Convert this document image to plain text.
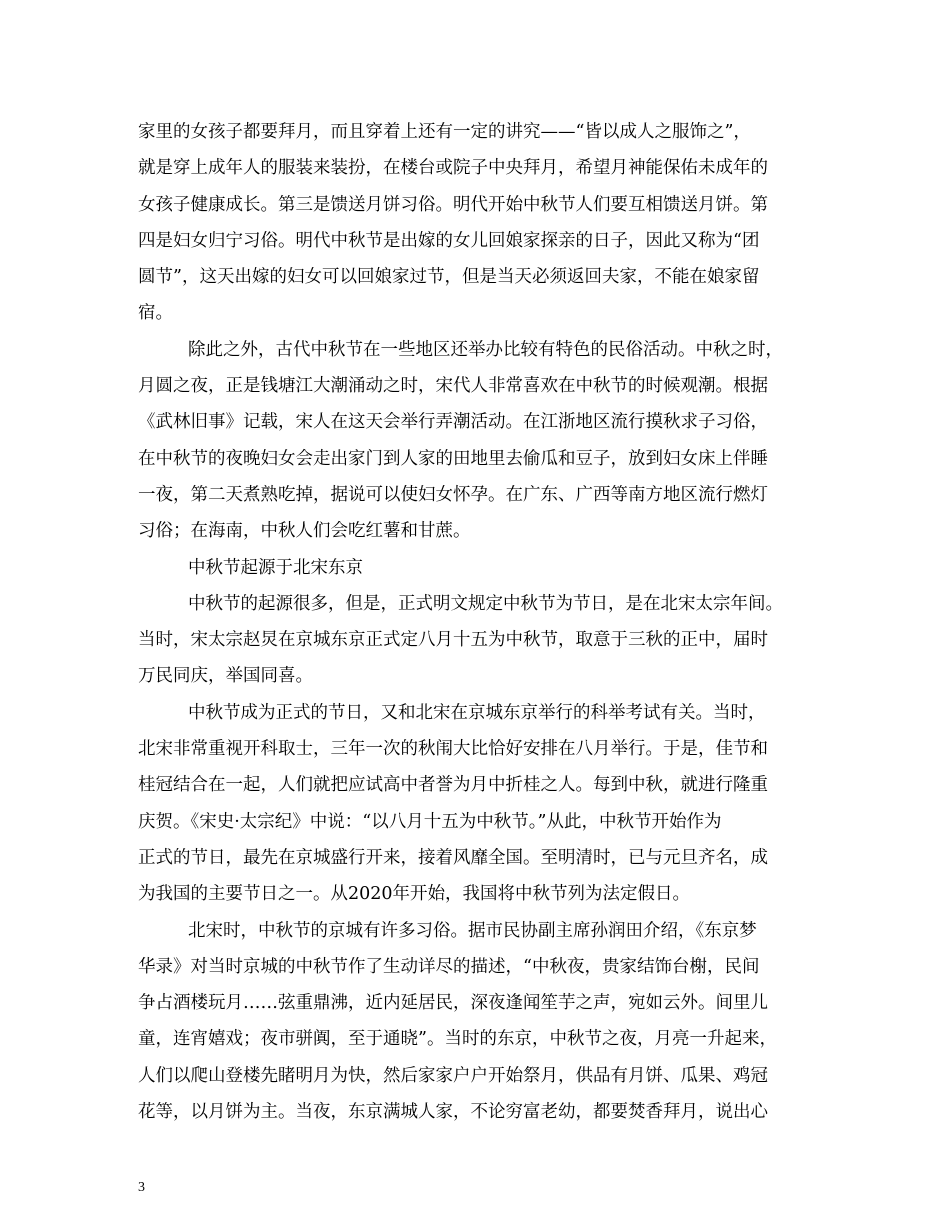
家里的女孩子都要拜月，而且穿着上还有一定的讲究——“皆以成人之服饰之”，
就是穿上成年人的服装来装扮，在楼台或院子中央拜月，希望月神能保佑未成年的
女孩子健康成长。第三是馈送月饼习俗。明代开始中秋节人们要互相馈送月饼。第
四是妇女归宁习俗。明代中秋节是出嫁的女儿回娘家探亲的日子，因此又称为“团
圆节”，这天出嫁的妇女可以回娘家过节，但是当天必须返回夫家，不能在娘家留
宿。
除此之外，古代中秋节在一些地区还举办比较有特色的民俗活动。中秋之时，
月圆之夜，正是钱塘江大潮涌动之时，宋代人非常喜欢在中秋节的时候观潮。根据
《武林旧事》记载，宋人在这天会举行弄潮活动。在江浙地区流行摸秋求子习俗，
在中秋节的夜晚妇女会走出家门到人家的田地里去偷瓜和豆子，放到妇女床上伴睡
一夜，第二天煮熟吃掉，据说可以使妇女怀孕。在广东、广西等南方地区流行燃灯
习俗；在海南，中秋人们会吃红薯和甘蔗。
中秋节起源于北宋东京
中秋节的起源很多，但是，正式明文规定中秋节为节日，是在北宋太宗年间。
当时，宋太宗赵炅在京城东京正式定八月十五为中秋节，取意于三秋的正中，届时
万民同庆，举国同喜。
中秋节成为正式的节日，又和北宋在京城东京举行的科举考试有关。当时，
北宋非常重视开科取士，三年一次的秋闱大比恰好安排在八月举行。于是，佳节和
桂冠结合在一起，人们就把应试高中者誉为月中折桂之人。每到中秋，就进行隆重
庆贺。《宋史·太宗纪》中说：“以八月十五为中秋节。”从此，中秋节开始作为
正式的节日，最先在京城盛行开来，接着风靡全国。至明清时，已与元旦齐名，成
为我国的主要节日之一。从2020年开始，我国将中秋节列为法定假日。
北宋时，中秋节的京城有许多习俗。据市民协副主席孙润田介绍，《东京梦
华录》对当时京城的中秋节作了生动详尽的描述，“中秋夜，贵家结饰台榭，民间
争占酒楼玩月……弦重鼎沸，近内延居民，深夜逢闻笙芋之声，宛如云外。间里儿
童，连宵嬉戏；夜市骈阗，至于通晓”。当时的东京，中秋节之夜，月亮一升起来，
人们以爬山登楼先睹明月为快，然后家家户户开始祭月，供品有月饼、瓜果、鸡冠
花等，以月饼为主。当夜，东京满城人家，不论穷富老幼，都要焚香拜月，说出心
3
